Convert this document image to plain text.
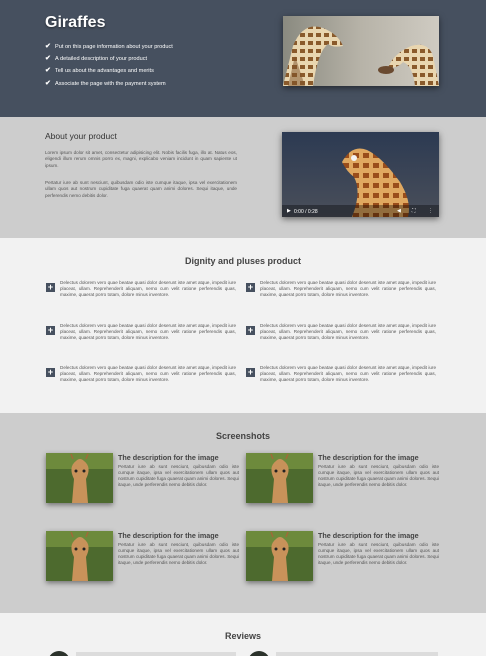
Giraffes
✔ Put on this page information about your product
✔ A detailed description of your product
✔ Tell us about the advantages and merits
✔ Associate the page with the payment system
About your product

Lorem ipsum dolor sit amet, consectetur adipisicing elit. Nobis facilis fuga, illo at. Natus eos, eligendi illum rerum omnis porro ex, magni, explicabo veniam incidunt in quam sapiente ut ipsum.

Pertatur iure ab sunt nesciunt, quibusdam odio iste cumque itaque, ipsa vel exercitationem ullam quos aut nostrum cupiditate fuga quaerat quam animi dolores. Sequi itaque, unde perferendis nemo debitis dolor.

▶ 0:00 / 0:28	◀ ⛶ ⋮
Dignity and pluses product
+	Delectus dolorem vero quae beatae quasi dolor deserunt iste amet atque, impedit iure placeat, ullam. Reprehenderit aliquam, nemo cum velit ratione perferendis quas, maxime, quaerat porro totam, dolore minus inventore.

+	Delectus dolorem vero quae beatae quasi dolor deserunt iste amet atque, impedit iure placeat, ullam. Reprehenderit aliquam, nemo cum velit ratione perferendis quas, maxime, quaerat porro totam, dolore minus inventore.

+	Delectus dolorem vero quae beatae quasi dolor deserunt iste amet atque, impedit iure placeat, ullam. Reprehenderit aliquam, nemo cum velit ratione perferendis quas, maxime, quaerat porro totam, dolore minus inventore.

+	Delectus dolorem vero quae beatae quasi dolor deserunt iste amet atque, impedit iure placeat, ullam. Reprehenderit aliquam, nemo cum velit ratione perferendis quas, maxime, quaerat porro totam, dolore minus inventore.

+	Delectus dolorem vero quae beatae quasi dolor deserunt iste amet atque, impedit iure placeat, ullam. Reprehenderit aliquam, nemo cum velit ratione perferendis quas, maxime, quaerat porro totam, dolore minus inventore.

+	Delectus dolorem vero quae beatae quasi dolor deserunt iste amet atque, impedit iure placeat, ullam. Reprehenderit aliquam, nemo cum velit ratione perferendis quas, maxime, quaerat porro totam, dolore minus inventore.

Screenshots
The description for the image

Pertatur iure ab sunt nesciunt, quibusdam odio iste cumque itaque, ipsa vel exercitationem ullam quos aut nostrum cupiditate fuga quaerat quam animi dolores. Sequi itaque, unde perferendis nemo debitis dolor.

The description for the image

Pertatur iure ab sunt nesciunt, quibusdam odio iste cumque itaque, ipsa vel exercitationem ullam quos aut nostrum cupiditate fuga quaerat quam animi dolores. Sequi itaque, unde perferendis nemo debitis dolor.

The description for the image

Pertatur iure ab sunt nesciunt, quibusdam odio iste cumque itaque, ipsa vel exercitationem ullam quos aut nostrum cupiditate fuga quaerat quam animi dolores. Sequi itaque, unde perferendis nemo debitis dolor.

The description for the image

Pertatur iure ab sunt nesciunt, quibusdam odio iste cumque itaque, ipsa vel exercitationem ullam quos aut nostrum cupiditate fuga quaerat quam animi dolores. Sequi itaque, unde perferendis nemo debitis dolor.

Reviews
